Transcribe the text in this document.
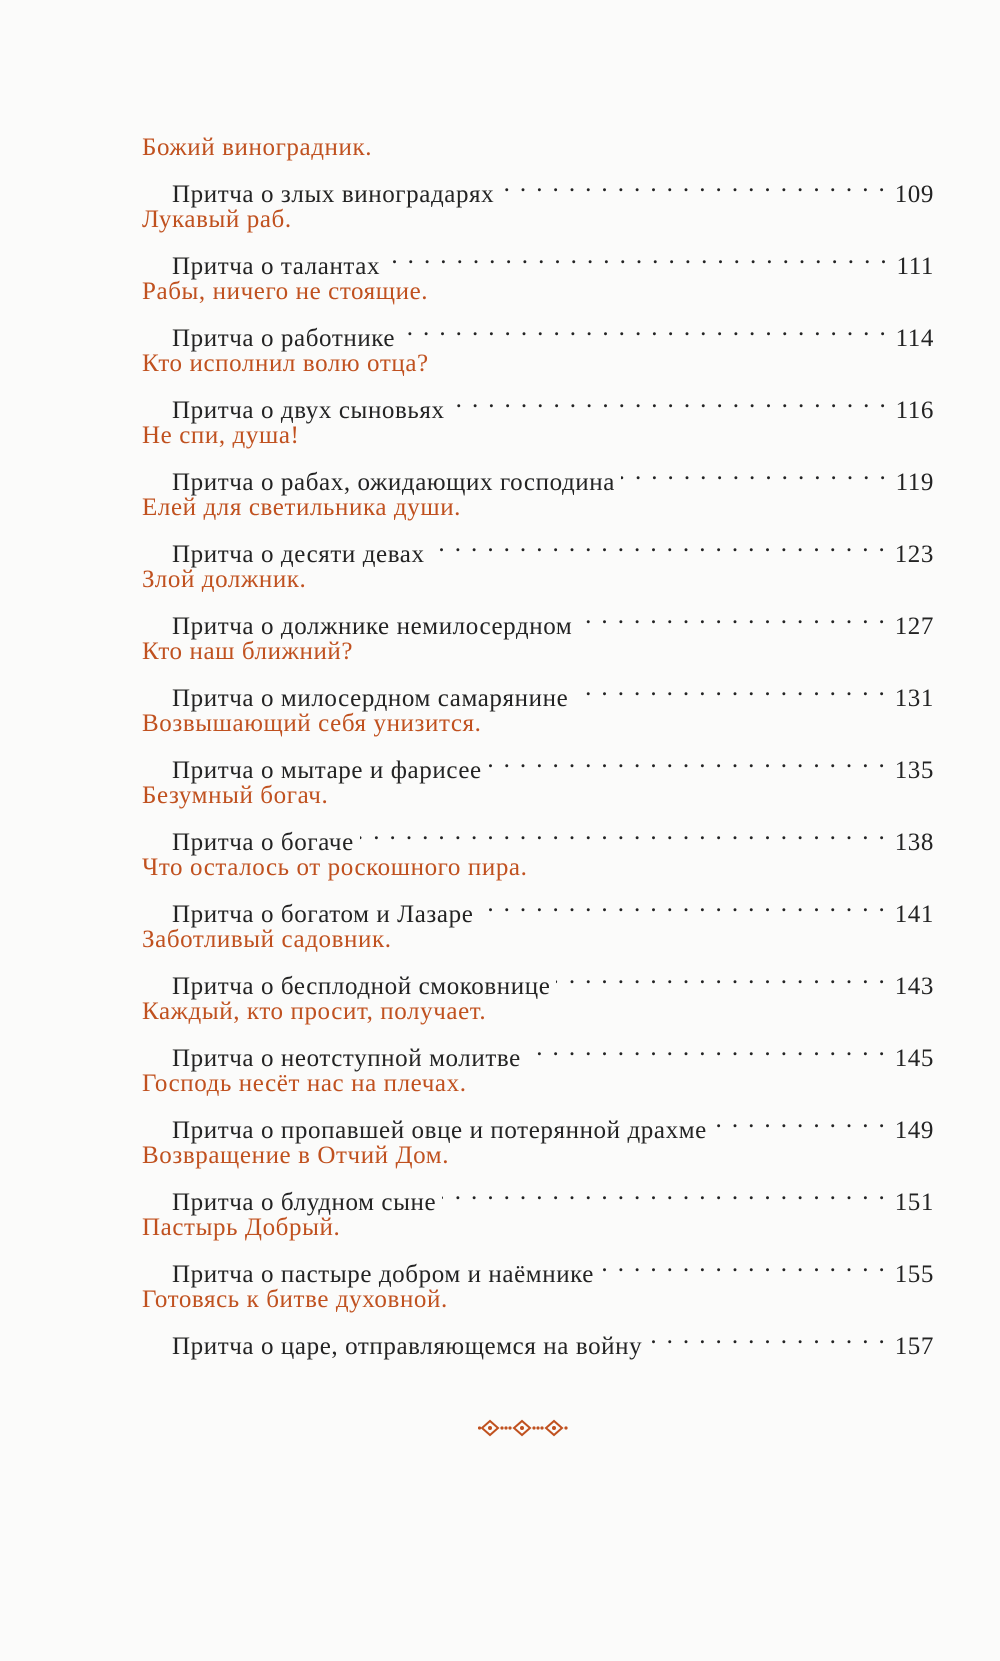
Божий виноградник.
Притча о злых виноградарях . . .	109
Лукавый раб.
Притча о талантах . . .	111
Рабы, ничего не стоящие.
Притча о работнике . . .	114
Кто исполнил волю отца?
Притча о двух сыновьях . . .	116
Не спи, душа!
Притча о рабах, ожидающих господина . . .	119
Елей для светильника души.
Притча о десяти девах . . .	123
Злой должник.
Притча о должнике немилосердном . . .	127
Кто наш ближний?
Притча о милосердном самарянине . . .	131
Возвышающий себя унизится.
Притча о мытаре и фарисее . . .	135
Безумный богач.
Притча о богаче . . .	138
Что осталось от роскошного пира.
Притча о богатом и Лазаре . . .	141
Заботливый садовник.
Притча о бесплодной смоковнице . . .	143
Каждый, кто просит, получает.
Притча о неотступной молитве . . .	145
Господь несёт нас на плечах.
Притча о пропавшей овце и потерянной драхме . . .	149
Возвращение в Отчий Дом.
Притча о блудном сыне . . .	151
Пастырь Добрый.
Притча о пастыре добром и наёмнике . . .	155
Готовясь к битве духовной.
Притча о царе, отправляющемся на войну . . .	157
